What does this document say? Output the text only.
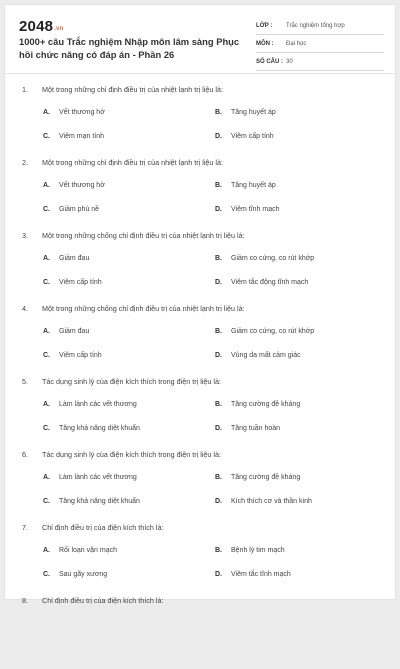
2048.vn
1000+ câu Trắc nghiệm Nhập môn lâm sàng Phục hồi chức năng có đáp án - Phần 26
LỚP :	Trắc nghiệm tổng hợp
MÔN :	Đại học
SỐ CÂU : 30
1. Một trong những chỉ định điều trị của nhiệt lạnh trị liệu là:
A. Vết thương hở	B. Tăng huyết áp
C. Viêm mạn tính	D. Viêm cấp tính
2. Một trong những chỉ định điều trị của nhiệt lạnh trị liệu là:
A. Vết thương hở	B. Tăng huyết áp
C. Giảm phù nề	D. Viêm tĩnh mạch
3. Một trong những chống chỉ định điều trị của nhiệt lạnh trị liệu là:
A. Giảm đau	B. Giảm co cứng, co rút khớp
C. Viêm cấp tính	D. Viêm tắc động tĩnh mạch
4. Một trong những chống chỉ định điều trị của nhiệt lạnh trị liệu là:
A. Giảm đau	B. Giảm co cứng, co rút khớp
C. Viêm cấp tính	D. Vùng da mất cảm giác
5. Tác dụng sinh lý của điện kích thích trong điện trị liệu là:
A. Làm lành các vết thương	B. Tăng cường đề kháng
C. Tăng khả năng diệt khuẩn	D. Tăng tuần hoàn
6. Tác dụng sinh lý của điện kích thích trong điện trị liệu là:
A. Làm lành các vết thương	B. Tăng cường đề kháng
C. Tăng khả năng diệt khuẩn	D. Kích thích cơ và thần kinh
7. Chỉ định điều trị của điện kích thích là:
A. Rối loạn vận mạch	B. Bệnh lý tim mạch
C. Sau gãy xương	D. Viêm tắc tĩnh mạch
8. Chỉ định điều trị của điện kích thích là:
